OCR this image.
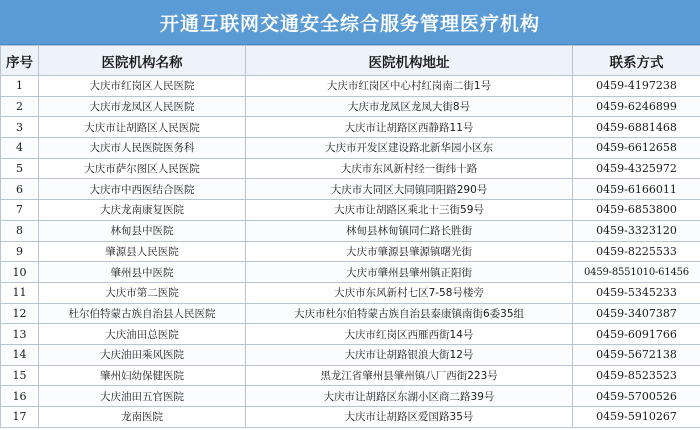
开通互联网交通安全综合服务管理医疗机构
序号	医院机构名称	医院机构地址	联系方式
1	大庆市红岗区人民医院	大庆市红岗区中心村红岗南二街1号	0459-4197238
2	大庆市龙凤区人民医院	大庆市龙凤区龙凤大街8号	0459-6246899
3	大庆市让胡路区人民医院	大庆市让胡路区西静路11号	0459-6881468
4	大庆市人民医院医务科	大庆市开发区建设路北新华园小区东	0459-6612658
5	大庆市萨尔图区人民医院	大庆市东风新村经一街纬十路	0459-4325972
6	大庆市中西医结合医院	大庆市大同区大同镇同阳路290号	0459-6166011
7	大庆龙南康复医院	大庆市让胡路区乘北十三街59号	0459-6853800
8	林甸县中医院	林甸县林甸镇同仁路长胜街	0459-3323120
9	肇源县人民医院	大庆市肇源县肇源镇曙光街	0459-8225533
10	肇州县中医院	大庆市肇州县肇州镇正阳街	0459-8551010-61456
11	大庆市第二医院	大庆市东风新村七区7-58号楼旁	0459-5345233
12	杜尔伯特蒙古族自治县人民医院	大庆市杜尔伯特蒙古族自治县泰康镇南街6委35组	0459-3407387
13	大庆油田总医院	大庆市红岗区西雁西街14号	0459-6091766
14	大庆油田乘风医院	大庆市让胡路银浪大街12号	0459-5672138
15	肇州妇幼保健医院	黑龙江省肇州县肇州镇八厂西街223号	0459-8523523
16	大庆油田五官医院	大庆市让胡路区东湖小区商二路39号	0459-5700526
17	龙南医院	大庆市让胡路区爱国路35号	0459-5910267
